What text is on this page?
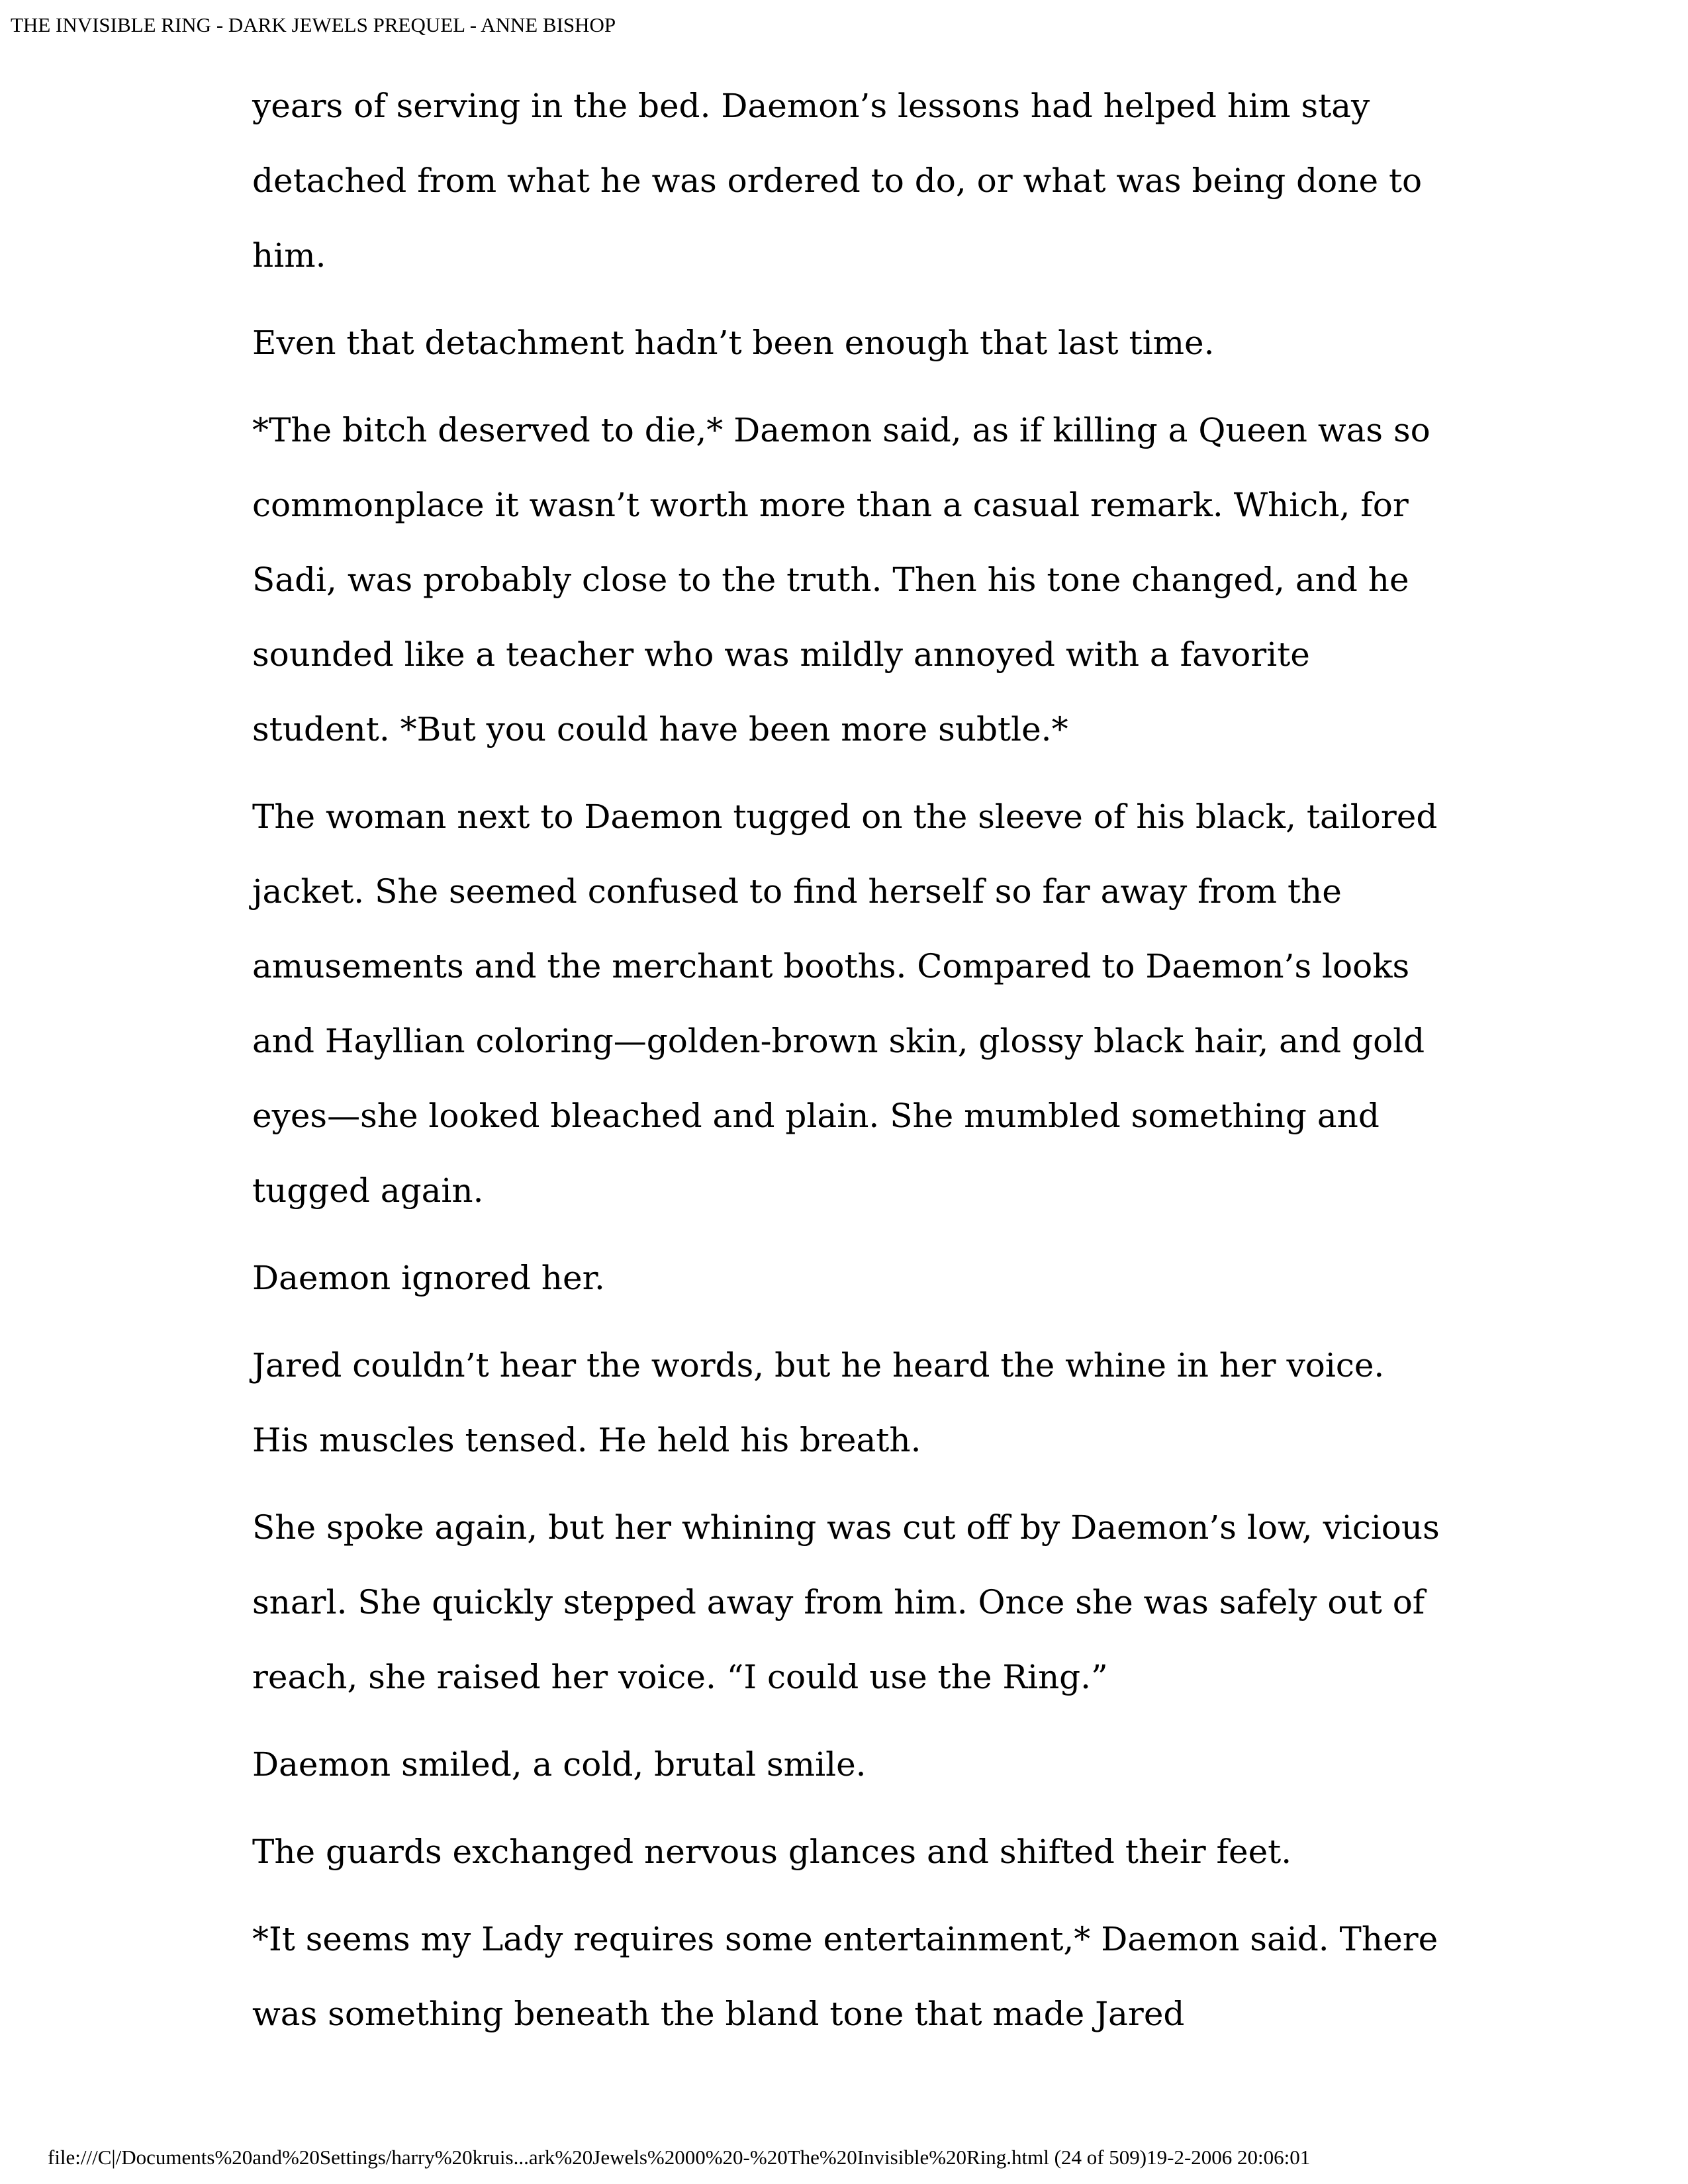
THE INVISIBLE RING - DARK JEWELS PREQUEL - ANNE BISHOP

years of serving in the bed. Daemon’s lessons had helped him stay detached from what he was ordered to do, or what was being done to him.

Even that detachment hadn’t been enough that last time.

*The bitch deserved to die,* Daemon said, as if killing a Queen was so commonplace it wasn’t worth more than a casual remark. Which, for Sadi, was probably close to the truth. Then his tone changed, and he sounded like a teacher who was mildly annoyed with a favorite student. *But you could have been more subtle.*

The woman next to Daemon tugged on the sleeve of his black, tailored jacket. She seemed confused to find herself so far away from the amusements and the merchant booths. Compared to Daemon’s looks and Hayllian coloring—golden-brown skin, glossy black hair, and gold eyes—she looked bleached and plain. She mumbled something and tugged again.

Daemon ignored her.

Jared couldn’t hear the words, but he heard the whine in her voice. His muscles tensed. He held his breath.

She spoke again, but her whining was cut off by Daemon’s low, vicious snarl. She quickly stepped away from him. Once she was safely out of reach, she raised her voice. “I could use the Ring.”

Daemon smiled, a cold, brutal smile.

The guards exchanged nervous glances and shifted their feet.

*It seems my Lady requires some entertainment,* Daemon said. There was something beneath the bland tone that made Jared

file:///C|/Documents%20and%20Settings/harry%20kruis...ark%20Jewels%2000%20-%20The%20Invisible%20Ring.html (24 of 509)19-2-2006 20:06:01
